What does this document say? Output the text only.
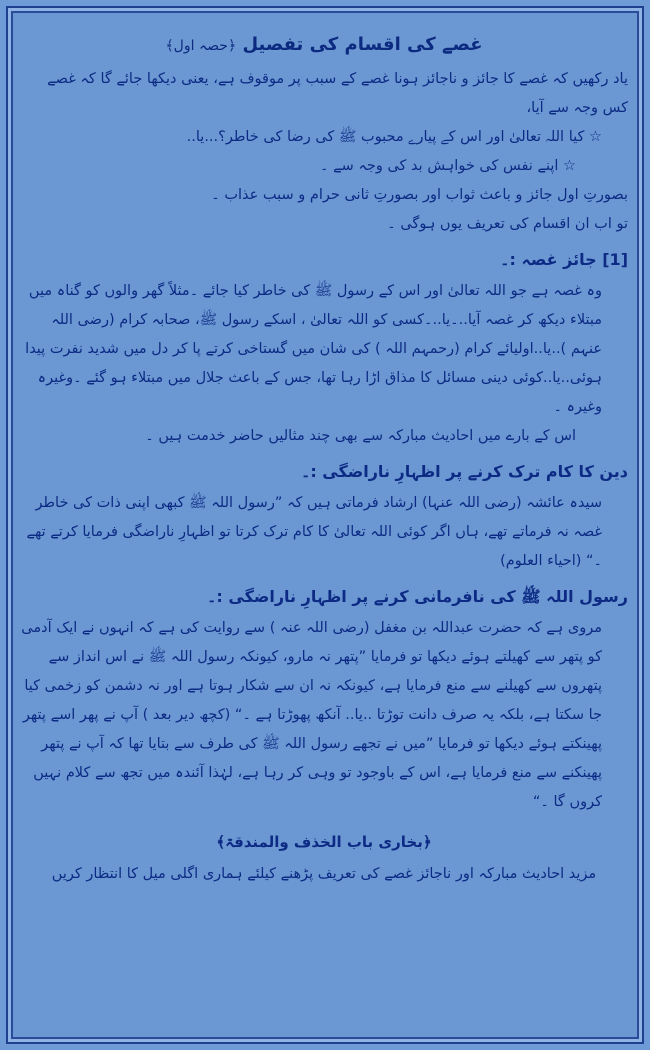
غصے کی اقسام کی تفصیل ﴿حصہ اول﴾

یاد رکھیں کہ غصے کا جائز و ناجائز ہونا غصے کے سبب پر موقوف ہے، یعنی دیکھا جائے گا کہ غصے کس وجہ سے آیا،

☆ کیا اللہ تعالیٰ اور اس کے پیارے محبوب ﷺ کی رضا کی خاطر؟...یا..

☆ اپنے نفس کی خواہش بد کی وجہ سے ۔

بصورتِ اول جائز و باعث ثواب اور بصورتِ ثانی حرام و سبب عذاب ۔

تو اب ان اقسام کی تعریف یوں ہوگی ۔

[1] جائز غصہ :۔

وہ غصہ ہے جو اللہ تعالیٰ اور اس کے رسول ﷺ کی خاطر کیا جائے ۔مثلاً گھر والوں کو گناہ میں مبتلاء دیکھ کر غصہ آیا..۔یا..۔کسی کو اللہ تعالیٰ ، اسکے رسول ﷺ، صحابہ کرام (رضی اللہ عنہم )..یا..اولیائے کرام (رحمہم اللہ ) کی شان میں گستاخی کرتے پا کر دل میں شدید نفرت پیدا ہوئی..یا..کوئی دینی مسائل کا مذاق اڑا رہا تھا، جس کے باعث جلال میں مبتلاء ہو گئے ۔وغیرہ وغیرہ ۔

اس کے بارے میں احادیث مبارکہ سے بھی چند مثالیں حاضر خدمت ہیں ۔

دین کا کام ترک کرنے پر اظہارِ ناراضگی :۔

سیدہ عائشہ (رضی اللہ عنہا) ارشاد فرماتی ہیں کہ ”رسول اللہ ﷺ کبھی اپنی ذات کی خاطر غصہ نہ فرماتے تھے، ہاں اگر کوئی اللہ تعالیٰ کا کام ترک کرتا تو اظہارِ ناراضگی فرمایا کرتے تھے ۔“ (احیاء العلوم)

رسول اللہ ﷺ کی نافرمانی کرنے پر اظہارِ ناراضگی :۔

مروی ہے کہ حضرت عبداللہ بن مغفل (رضی اللہ عنہ ) سے روایت کی ہے کہ انہوں نے ایک آدمی کو پتھر سے کھیلتے ہوئے دیکھا تو فرمایا ”پتھر نہ مارو، کیونکہ رسول اللہ ﷺ نے اس انداز سے پتھروں سے کھیلنے سے منع فرمایا ہے، کیونکہ نہ ان سے شکار ہوتا ہے اور نہ دشمن کو زخمی کیا جا سکتا ہے، بلکہ یہ صرف دانت توڑتا ..یا.. آنکھ پھوڑتا ہے ۔“ (کچھ دیر بعد ) آپ نے پھر اسے پتھر پھینکتے ہوئے دیکھا تو فرمایا ”میں نے تجھے رسول اللہ ﷺ کی طرف سے بتایا تھا کہ آپ نے پتھر پھینکنے سے منع فرمایا ہے، اس کے باوجود تو وہی کر رہا ہے، لہٰذا آئندہ میں تجھ سے کلام نہیں کروں گا ۔“

﴿بخاری باب الخذف والمندقۃ﴾
مزید احادیث مبارکہ اور ناجائز غصے کی تعریف پڑھنے کیلئے ہماری اگلی میل کا انتظار کریں
